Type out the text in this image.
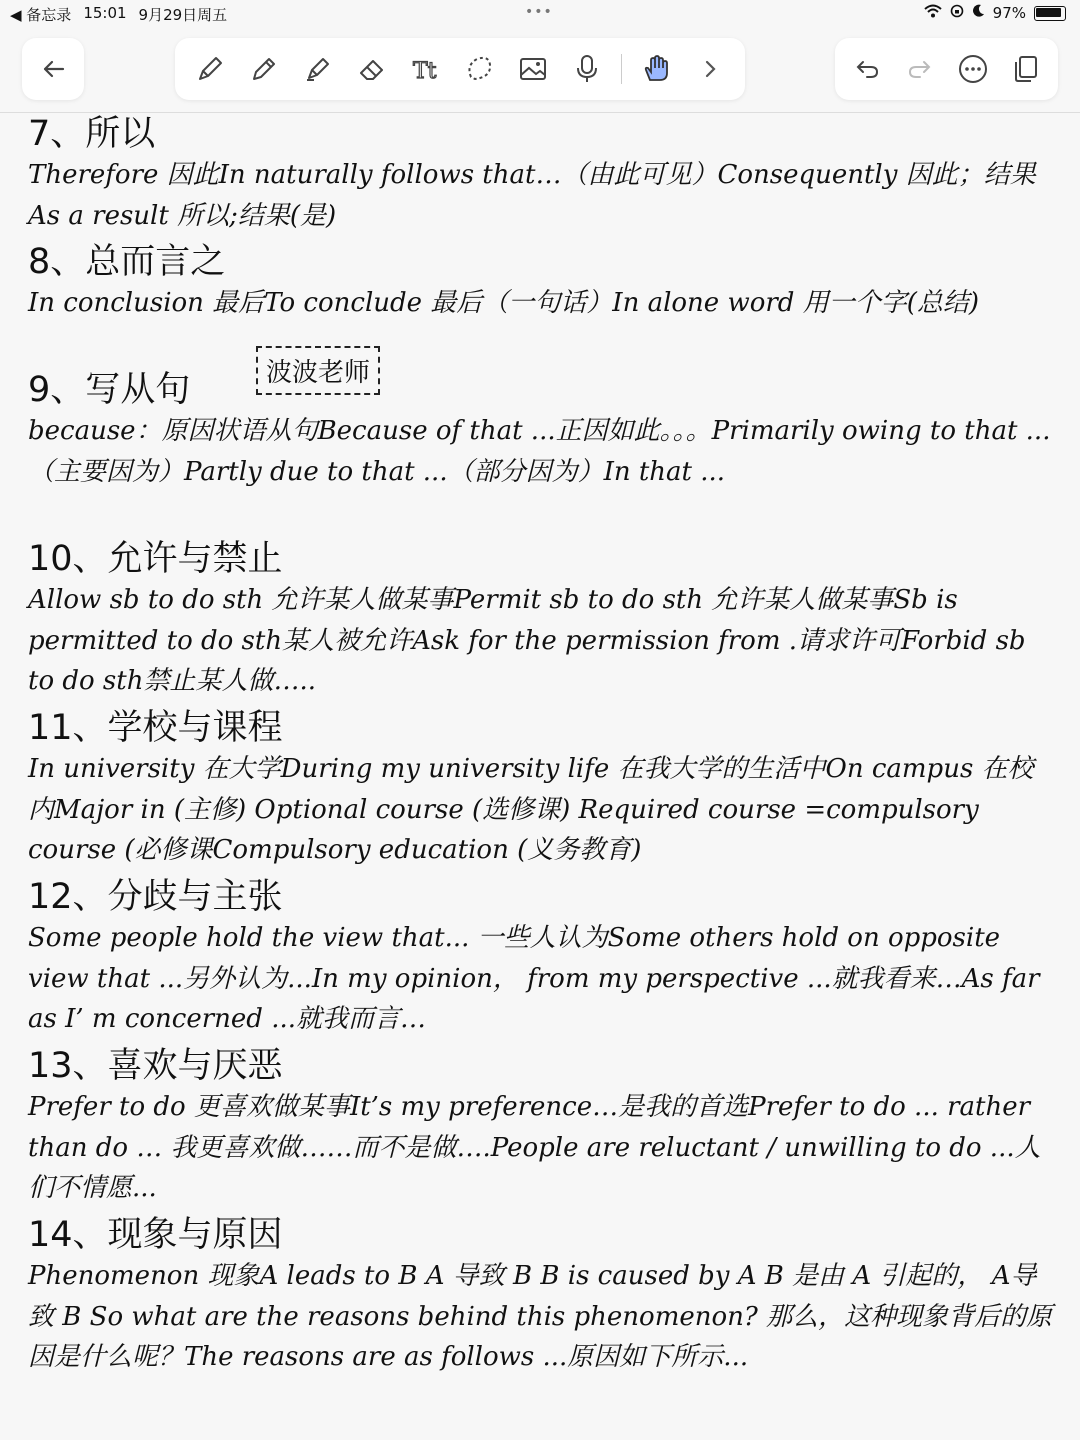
◀ 备忘录 15:01 9月29日周五	•••	97%
Tt

7、所以

Therefore 因此In naturally follows that…（由此可见）Consequently 因此；结果As a result 所以;结果(是)

8、总而言之

In conclusion 最后To conclude 最后（一句话）In alone word 用一个字(总结)

9、写从句

because：原因状语从句Because of that ...正因如此。。。Primarily owing to that ...（主要因为）Partly due to that ...（部分因为）In that ...

10、允许与禁止

Allow sb to do sth 允许某人做某事Permit sb to do sth 允许某人做某事Sb is permitted to do sth某人被允许Ask for the permission from .请求许可Forbid sb to do sth禁止某人做…..

11、学校与课程

In university 在大学During my university life 在我大学的生活中On campus 在校内Major in (主修) Optional course (选修课) Required course =compulsory course (必修课Compulsory education (义务教育)

12、分歧与主张

Some people hold the view that... 一些人认为Some others hold on opposite view that ...另外认为...In my opinion， from my perspective ...就我看来…As far as I’ m concerned ...就我而言…

13、喜欢与厌恶

Prefer to do 更喜欢做某事It’s my preference…是我的首选Prefer to do ... rather than do … 我更喜欢做……而不是做….People are reluctant / unwilling to do ...人们不情愿...

14、现象与原因

Phenomenon 现象A leads to B A 导致 B B is caused by A B 是由 A 引起的， A导致 B So what are the reasons behind this phenomenon? 那么，这种现象背后的原因是什么呢？The reasons are as follows ...原因如下所示...

波波老师
